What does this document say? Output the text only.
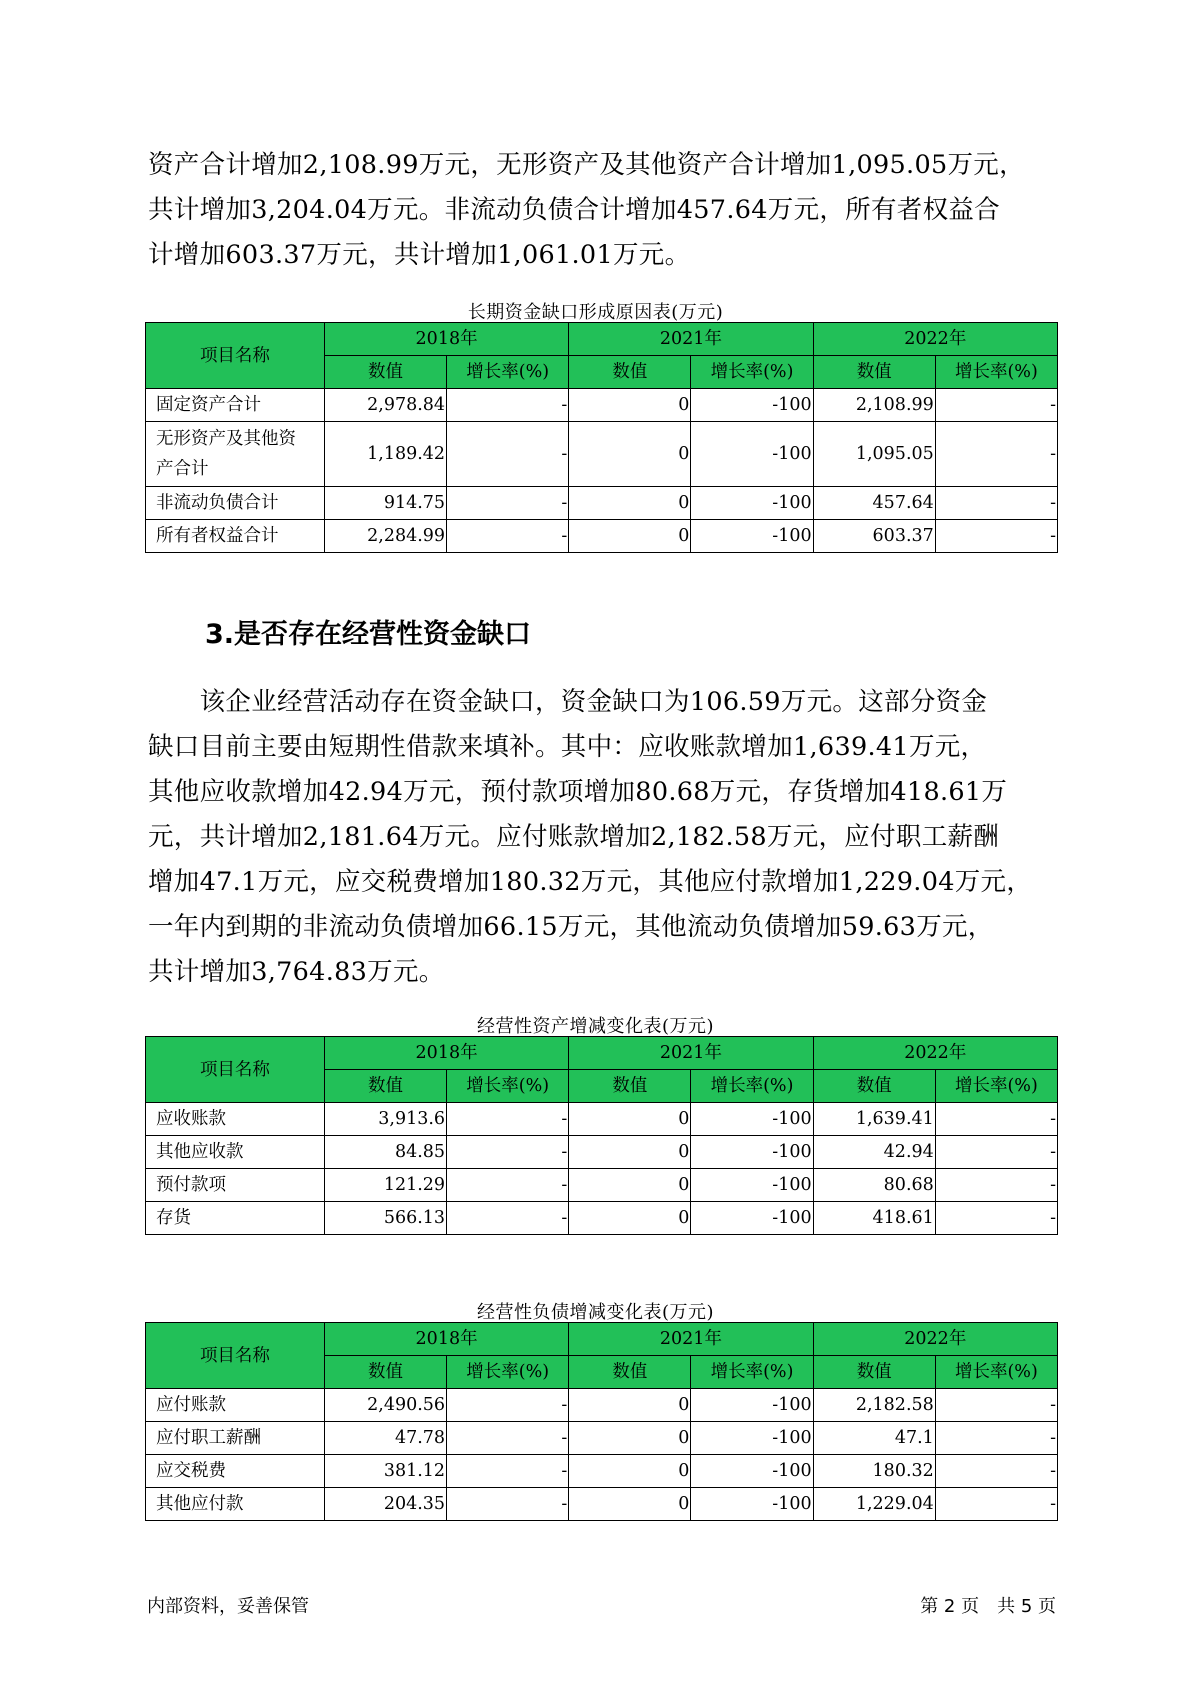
资产合计增加2,108.99万元，无形资产及其他资产合计增加1,095.05万元，

共计增加3,204.04万元。非流动负债合计增加457.64万元，所有者权益合

计增加603.37万元，共计增加1,061.01万元。

长期资金缺口形成原因表(万元)
项目名称	2018年		2021年		2022年	
	数值	增长率(%)	数值	增长率(%)	数值	增长率(%)
固定资产合计	2,978.84	-	0	-100	2,108.99	-
无形资产及其他资
产合计	1,189.42	-	0	-100	1,095.05	-
非流动负债合计	914.75	-	0	-100	457.64	-
所有者权益合计	2,284.99	-	0	-100	603.37	-
3.是否存在经营性资金缺口

　　该企业经营活动存在资金缺口，资金缺口为106.59万元。这部分资金

缺口目前主要由短期性借款来填补。其中：应收账款增加1,639.41万元，

其他应收款增加42.94万元，预付款项增加80.68万元，存货增加418.61万

元，共计增加2,181.64万元。应付账款增加2,182.58万元，应付职工薪酬

增加47.1万元，应交税费增加180.32万元，其他应付款增加1,229.04万元，

一年内到期的非流动负债增加66.15万元，其他流动负债增加59.63万元，

共计增加3,764.83万元。

经营性资产增减变化表(万元)
项目名称	2018年		2021年		2022年	
	数值	增长率(%)	数值	增长率(%)	数值	增长率(%)
应收账款	3,913.6	-	0	-100	1,639.41	-
其他应收款	84.85	-	0	-100	42.94	-
预付款项	121.29	-	0	-100	80.68	-
存货	566.13	-	0	-100	418.61	-
经营性负债增减变化表(万元)
项目名称	2018年		2021年		2022年	
	数值	增长率(%)	数值	增长率(%)	数值	增长率(%)
应付账款	2,490.56	-	0	-100	2,182.58	-
应付职工薪酬	47.78	-	0	-100	47.1	-
应交税费	381.12	-	0	-100	180.32	-
其他应付款	204.35	-	0	-100	1,229.04	-
内部资料，妥善保管	第 2 页　共 5 页
